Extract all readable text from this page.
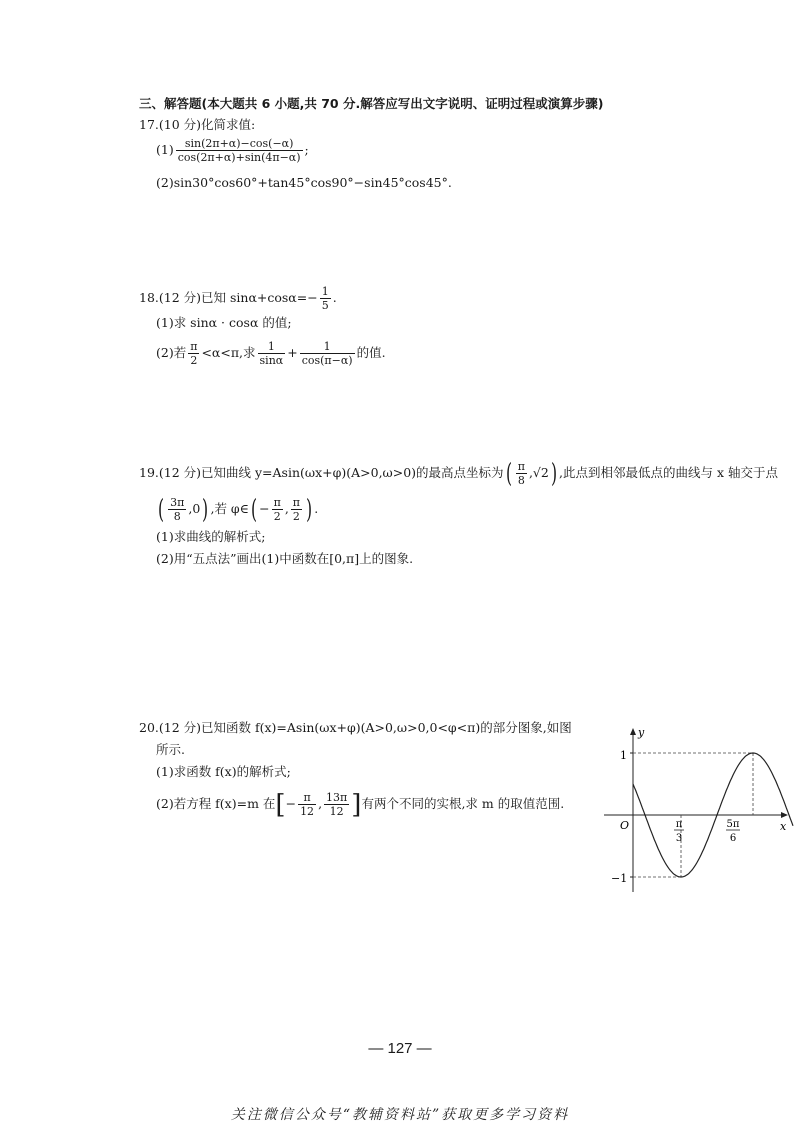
三、解答题(本大题共 6 小题,共 70 分.解答应写出文字说明、证明过程或演算步骤)
17.(10 分)化简求值:
$(1) \frac{\sin(2\pi+\alpha)-\cos(-\alpha)}{\cos(2\pi+\alpha)+\sin(4\pi-\alpha)}$ ;
(2)sin30°cos60°+tan45°cos90°−sin45°cos45°.
18.(12 分)已知 $\sin\alpha+\cos\alpha=- \frac{1}{5}$ .
(1)求 sinα · cosα 的值;
(2)若 $\frac{\pi}{2} <\alpha<\pi$,求 $\frac{1}{\sin\alpha} + \frac{1}{\cos(\pi-\alpha)}$ 的值.
19.(12 分)已知曲线 y=Asin(ωx+φ)(A>0,ω>0)的最高点坐标为( $\frac{\pi}{8} ,√2$) ,此点到相邻最低点的曲线与 x 轴交于点
( $\frac{3\pi}{8} ,0$) ,若 φ∈( − $\frac{\pi}{2}$ , $\frac{\pi}{2}$ ) .
(1)求曲线的解析式;
(2)用“五点法”画出(1)中函数在[0,π]上的图象.
20.(12 分)已知函数 f(x)=Asin(ωx+φ)(A>0,ω>0,0<φ<π)的部分图象,如图
所示.
(1)求函数 f(x)的解析式;
(2)若方程 f(x)=m 在[− $\frac{\pi}{12}$ , $\frac{13\pi}{12}$ ]有两个不同的实根,求 m 的取值范围.
y
x
O
1
−1
π
3
5π
6
— 127 —
关注微信公众号“教辅资料站”获取更多学习资料
